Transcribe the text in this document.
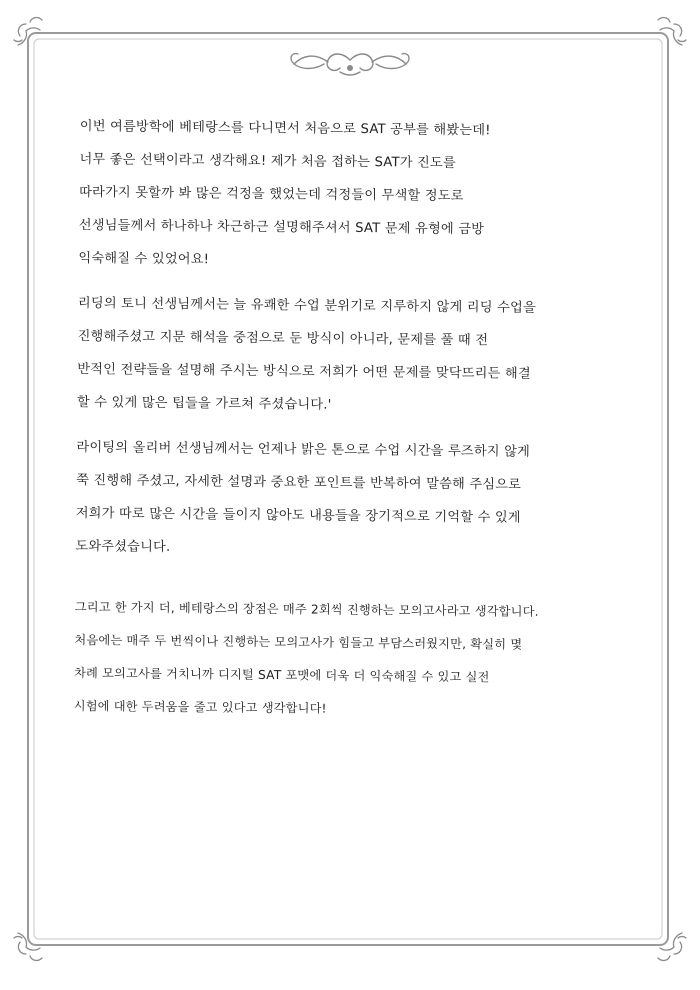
이번 여름방학에 베테랑스를 다니면서 처음으로 SAT 공부를 해봤는데!
너무 좋은 선택이라고 생각해요! 제가 처음 접하는 SAT가 진도를
따라가지 못할까 봐 많은 걱정을 했었는데 걱정들이 무색할 정도로
선생님들께서 하나하나 차근하근 설명해주셔서 SAT 문제 유형에 금방
익숙해질 수 있었어요!
리딩의 토니 선생님께서는 늘 유쾌한 수업 분위기로 지루하지 않게 리딩 수업을
진행해주셨고 지문 해석을 중점으로 둔 방식이 아니라, 문제를 풀 때 전
반적인 전략들을 설명해 주시는 방식으로 저희가 어떤 문제를 맞닥뜨리든 해결
할 수 있게 많은 팁들을 가르쳐 주셨습니다.'
라이팅의 올리버 선생님께서는 언제나 밝은 톤으로 수업 시간을 루즈하지 않게
쭉 진행해 주셨고, 자세한 설명과 중요한 포인트를 반복하여 말씀해 주심으로
저희가 따로 많은 시간을 들이지 않아도 내용들을 장기적으로 기억할 수 있게
도와주셨습니다.
그리고 한 가지 더, 베테랑스의 장점은 매주 2회씩 진행하는 모의고사라고 생각합니다.
처음에는 매주 두 번씩이나 진행하는 모의고사가 힘들고 부담스러웠지만, 확실히 몇
차례 모의고사를 거치니까 디지털 SAT 포맷에 더욱 더 익숙해질 수 있고 실전
시험에 대한 두려움을 줄고 있다고 생각합니다!
